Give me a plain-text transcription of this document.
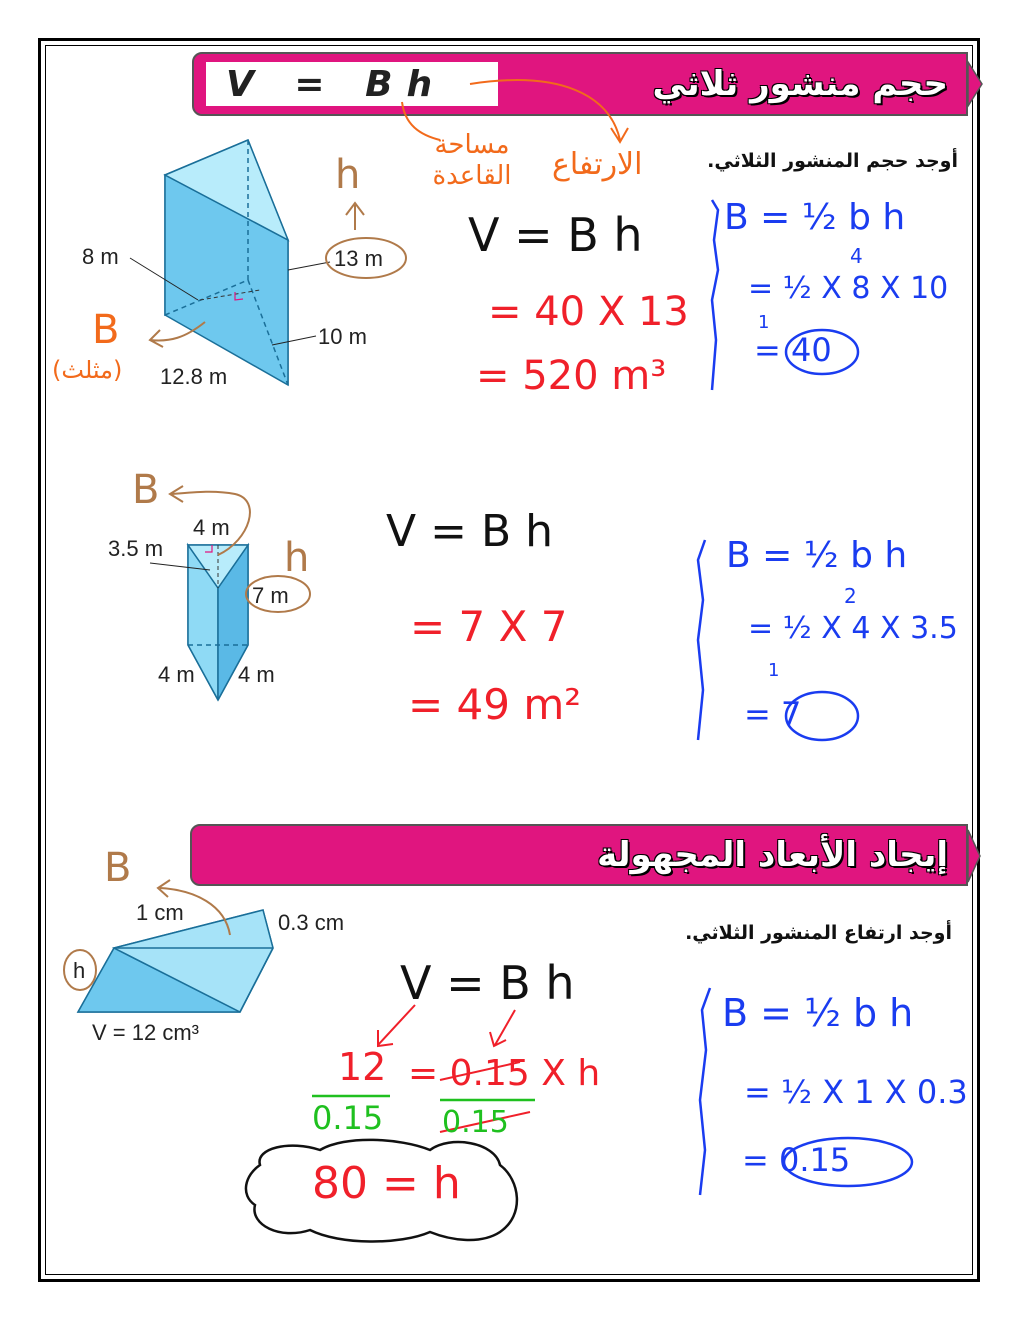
حجم منشور ثلاثي
V = Bh
إيجاد الأبعاد المجهولة
أوجد حجم المنشور الثلاثي.
أوجد ارتفاع المنشور الثلاثي.
8 m	13 m
10 m
12.8 m
h
B
(مثلث)
مساحة القاعدة	الارتفاع
V = B h
= 40 X 13
= 520 m³
B = ½ b h
4
= ½ X 8 X 10
1
= 40
4 m
3.5 m
7 m
4 m 4 m
B
h
V = B h
= 7 X 7
= 49 m²
B = ½ b h
2
= ½ X 4 X 3.5
1
= 7
1 cm	0.3 cm
h
V = 12 cm³
B
V = B h
12 = 0.15 X h
0.15 0.15
80 = h
B = ½ b h
= ½ X 1 X 0.3
= 0.15
